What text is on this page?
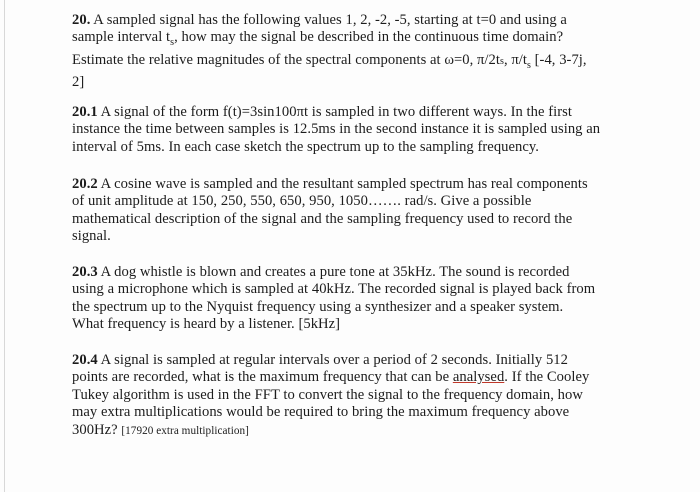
20. A sampled signal has the following values 1, 2, -2, -5, starting at t=0 and using a
sample interval $t_s$, how may the signal be described in the continuous time domain?
Estimate the relative magnitudes of the spectral components at ω=0, π/2ts, $\pi/t_s$ [-4, 3-7j,
2]
20.1 A signal of the form f(t)=3sin100πt is sampled in two different ways. In the first
instance the time between samples is 12.5ms in the second instance it is sampled using an
interval of 5ms. In each case sketch the spectrum up to the sampling frequency.
20.2 A cosine wave is sampled and the resultant sampled spectrum has real components
of unit amplitude at 150, 250, 550, 650, 950, 1050……. rad/s. Give a possible
mathematical description of the signal and the sampling frequency used to record the
signal.
20.3 A dog whistle is blown and creates a pure tone at 35kHz. The sound is recorded
using a microphone which is sampled at 40kHz. The recorded signal is played back from
the spectrum up to the Nyquist frequency using a synthesizer and a speaker system.
What frequency is heard by a listener. [5kHz]
20.4 A signal is sampled at regular intervals over a period of 2 seconds. Initially 512
points are recorded, what is the maximum frequency that can be analysed. If the Cooley
Tukey algorithm is used in the FFT to convert the signal to the frequency domain, how
may extra multiplications would be required to bring the maximum frequency above
300Hz? [17920 extra multiplication]
